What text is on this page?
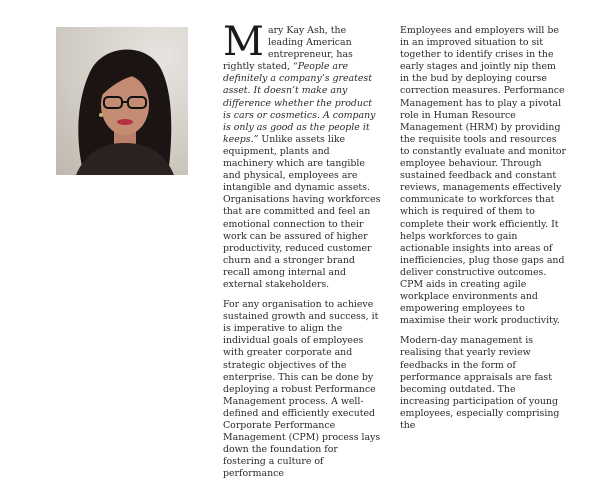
Mary Kay Ash, the leading American entrepreneur, has rightly stated, “People are definitely a company’s greatest asset. It doesn’t make any difference whether the product is cars or cosmetics. A company is only as good as the people it keeps.” Unlike assets like equipment, plants and machinery which are tangible and physical, employees are intangible and dynamic assets. Organisations having workforces that are committed and feel an emotional connection to their work can be assured of higher productivity, reduced customer churn and a stronger brand recall among internal and external stakeholders.

For any organisation to achieve sustained growth and success, it is imperative to align the individual goals of employees with greater corporate and strategic objectives of the enterprise. This can be done by deploying a robust Performance Management process. A well-defined and efficiently executed Corporate Performance Management (CPM) process lays down the foundation for fostering a culture of performance

Employees and employers will be in an improved situation to sit together to identify crises in the early stages and jointly nip them in the bud by deploying course correction measures. Performance Management has to play a pivotal role in Human Resource Management (HRM) by providing the requisite tools and resources to constantly evaluate and monitor employee behaviour. Through sustained feedback and constant reviews, managements effectively communicate to workforces that which is required of them to complete their work efficiently. It helps workforces to gain actionable insights into areas of inefficiencies, plug those gaps and deliver constructive outcomes. CPM aids in creating agile workplace environments and empowering employees to maximise their work productivity.

Modern-day management is realising that yearly review feedbacks in the form of performance appraisals are fast becoming outdated. The increasing participation of young employees, especially comprising the
